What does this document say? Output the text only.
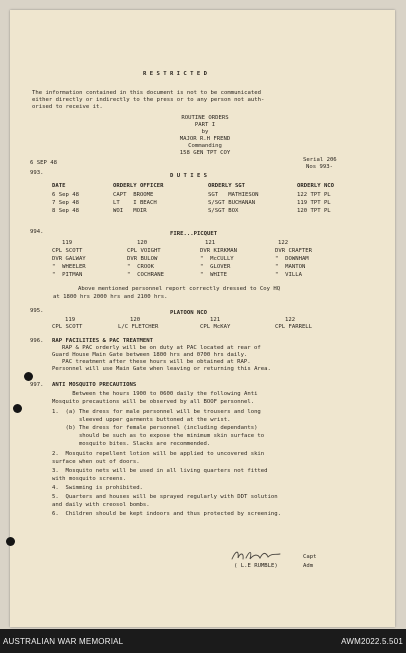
R E S T R I C T E D
The information contained in this document is not to be communicated
either directly or indirectly to the press or to any person not auth-
orised to receive it.
ROUTINE ORDERS
PART I
by
MAJOR R.H FREND
Commanding
158 GEN TPT COY
6 SEP 48	Serial 206
Nos 993-
993.	D U T I E S
DATE	ORDERLY OFFICER	ORDERLY SGT	ORDERLY NCO
6 Sep 48	CAPT  BROOME	SGT   MATHIESON	122 TPT PL
7 Sep 48	LT    I BEACH	S/SGT BUCHANAN	119 TPT PL
8 Sep 48	WOI   MOIR	S/SGT BOX	120 TPT PL
994.	FIRE...PICQUET
119	120	121	122
CPL SCOTT	CPL VOIGHT	DVR KIRKMAN	DVR CRAFTER
DVR GALWAY	DVR BULOW	"  McCULLY	"  DOWNHAM
"  WHEELER	"  CROOK	"  GLOVER	"  MANTON
"  PITMAN	"  COCHRANE	"  WHITE	"  VILLA
Above mentioned personnel report correctly dressed to Coy HQ
at 1800 hrs 2000 hrs and 2100 hrs.
995.	PLATOON NCO
119	120	121	122
CPL SCOTT	L/C FLETCHER	CPL McKAY	CPL FARRELL
996. RAP FACILITIES & PAC TREATMENT
RAP & PAC orderly will be on duty at PAC located at rear of
Guard House Main Gate between 1800 hrs and 0700 hrs daily.
PAC treatment after these hours will be obtained at RAP.
Personnel will use Main Gate when leaving or returning this Area.
997. ANTI MOSQUITO PRECAUTIONS
Between the hours 1900 to 0600 daily the following Anti
Mosquito precautions will be observed by all BOOF personnel.
1.  (a) The dress for male personnel will be trousers and long
sleeved upper garments buttoned at the wrist.
(b) The dress for female personnel (including dependants)
should be such as to expose the minimum skin surface to
mosquito bites. Slacks are recommended.
2.  Mosquito repellent lotion will be applied to uncovered skin
surface when out of doors.
3.  Mosquito nets will be used in all living quarters not fitted
with mosquito screens.
4.  Swimming is prohibited.
5.  Quarters and houses will be sprayed regularly with DDT solution
and daily with creosol bombs.
6.  Children should be kept indoors and thus protected by screening.
Capt
( L.E RUMBLE)	Adm
AUSTRALIAN WAR MEMORIAL	AWM2022.5.501
